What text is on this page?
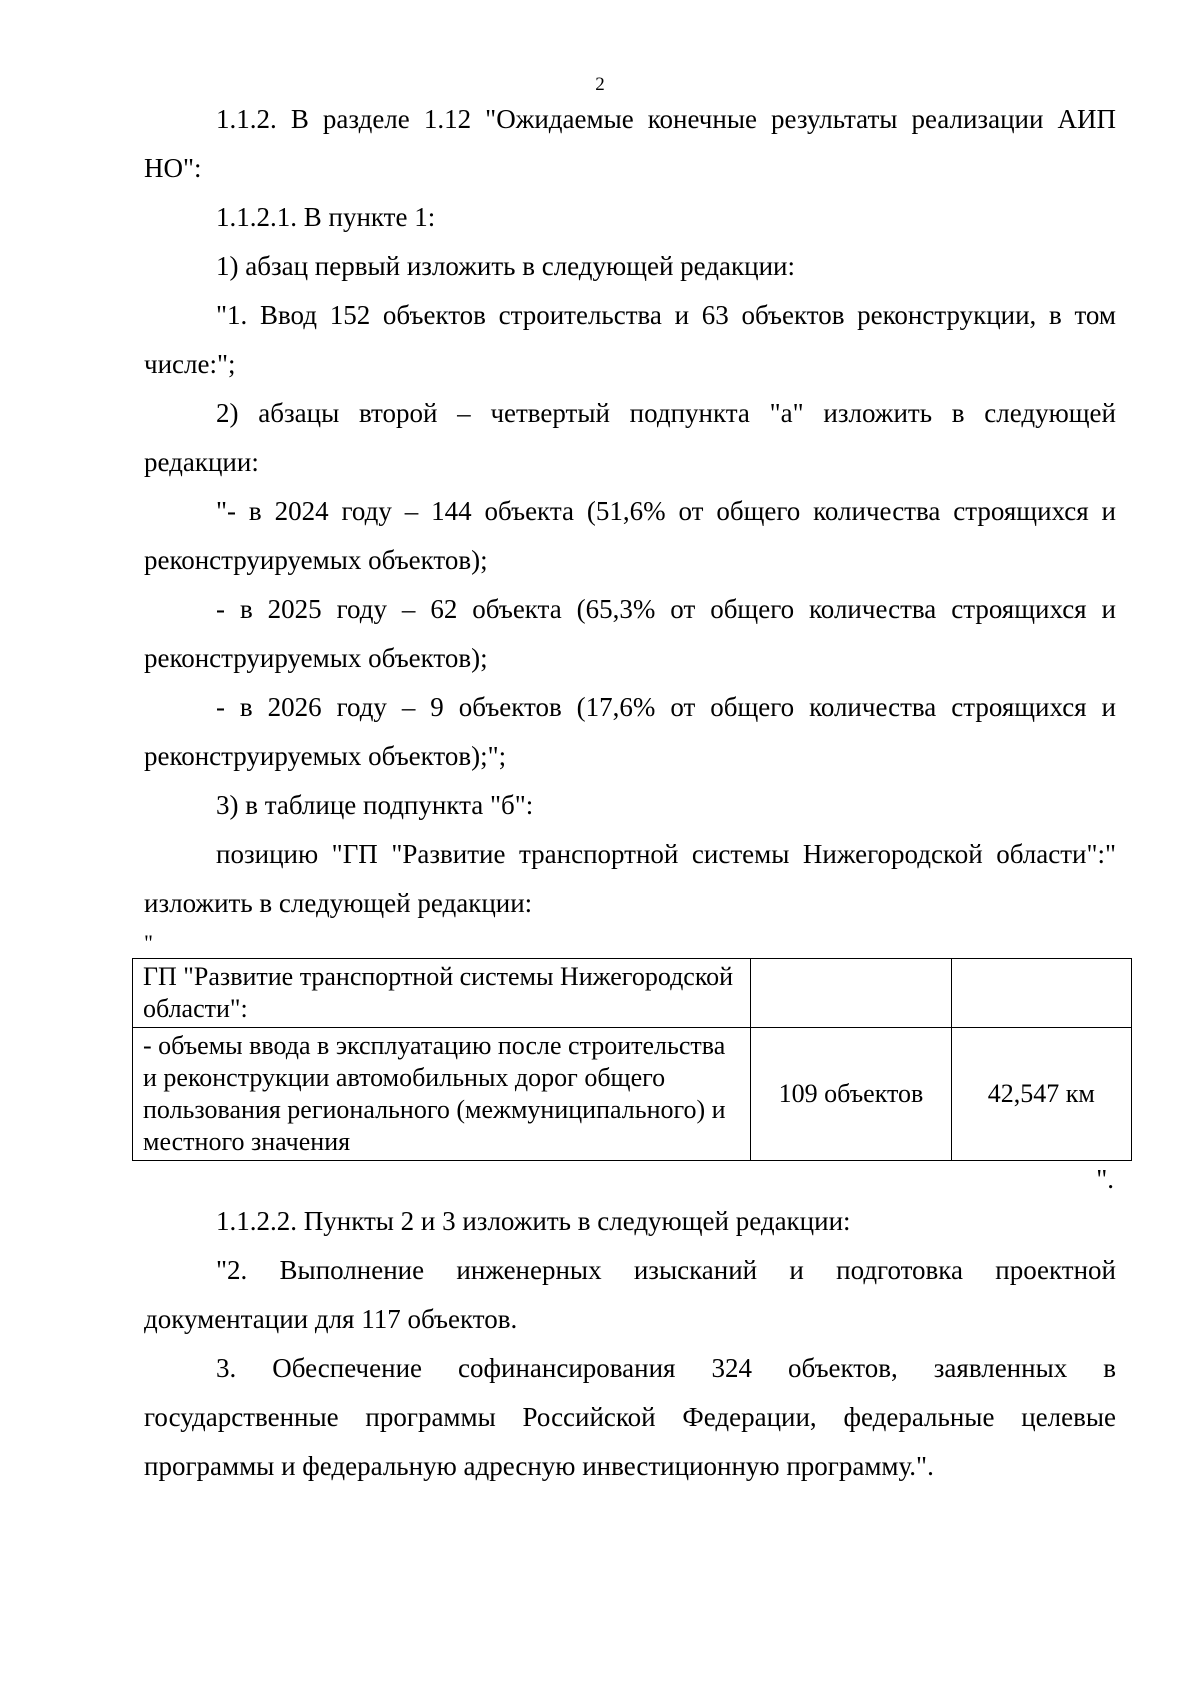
2

1.1.2. В разделе 1.12 "Ожидаемые конечные результаты реализации АИП НО":

1.1.2.1. В пункте 1:

1) абзац первый изложить в следующей редакции:

"1. Ввод 152 объектов строительства и 63 объектов реконструкции, в том числе:";

2) абзацы второй – четвертый подпункта "а" изложить в следующей редакции:

"- в 2024 году – 144 объекта (51,6% от общего количества строящихся и реконструируемых объектов);

- в 2025 году – 62 объекта (65,3% от общего количества строящихся и реконструируемых объектов);

- в 2026 году – 9 объектов (17,6% от общего количества строящихся и реконструируемых объектов);";

3) в таблице подпункта "б":

позицию "ГП "Развитие транспортной системы Нижегородской области":" изложить в следующей редакции:

"

ГП "Развитие транспортной системы Нижегородской области":		
- объемы ввода в эксплуатацию после строительства и реконструкции автомобильных дорог общего пользования регионального (межмуниципального) и местного значения	109 объектов	42,547 км

".

1.1.2.2. Пункты 2 и 3 изложить в следующей редакции:

"2. Выполнение инженерных изысканий и подготовка проектной документации для 117 объектов.

3. Обеспечение софинансирования 324 объектов, заявленных в государственные программы Российской Федерации, федеральные целевые программы и федеральную адресную инвестиционную программу.".
